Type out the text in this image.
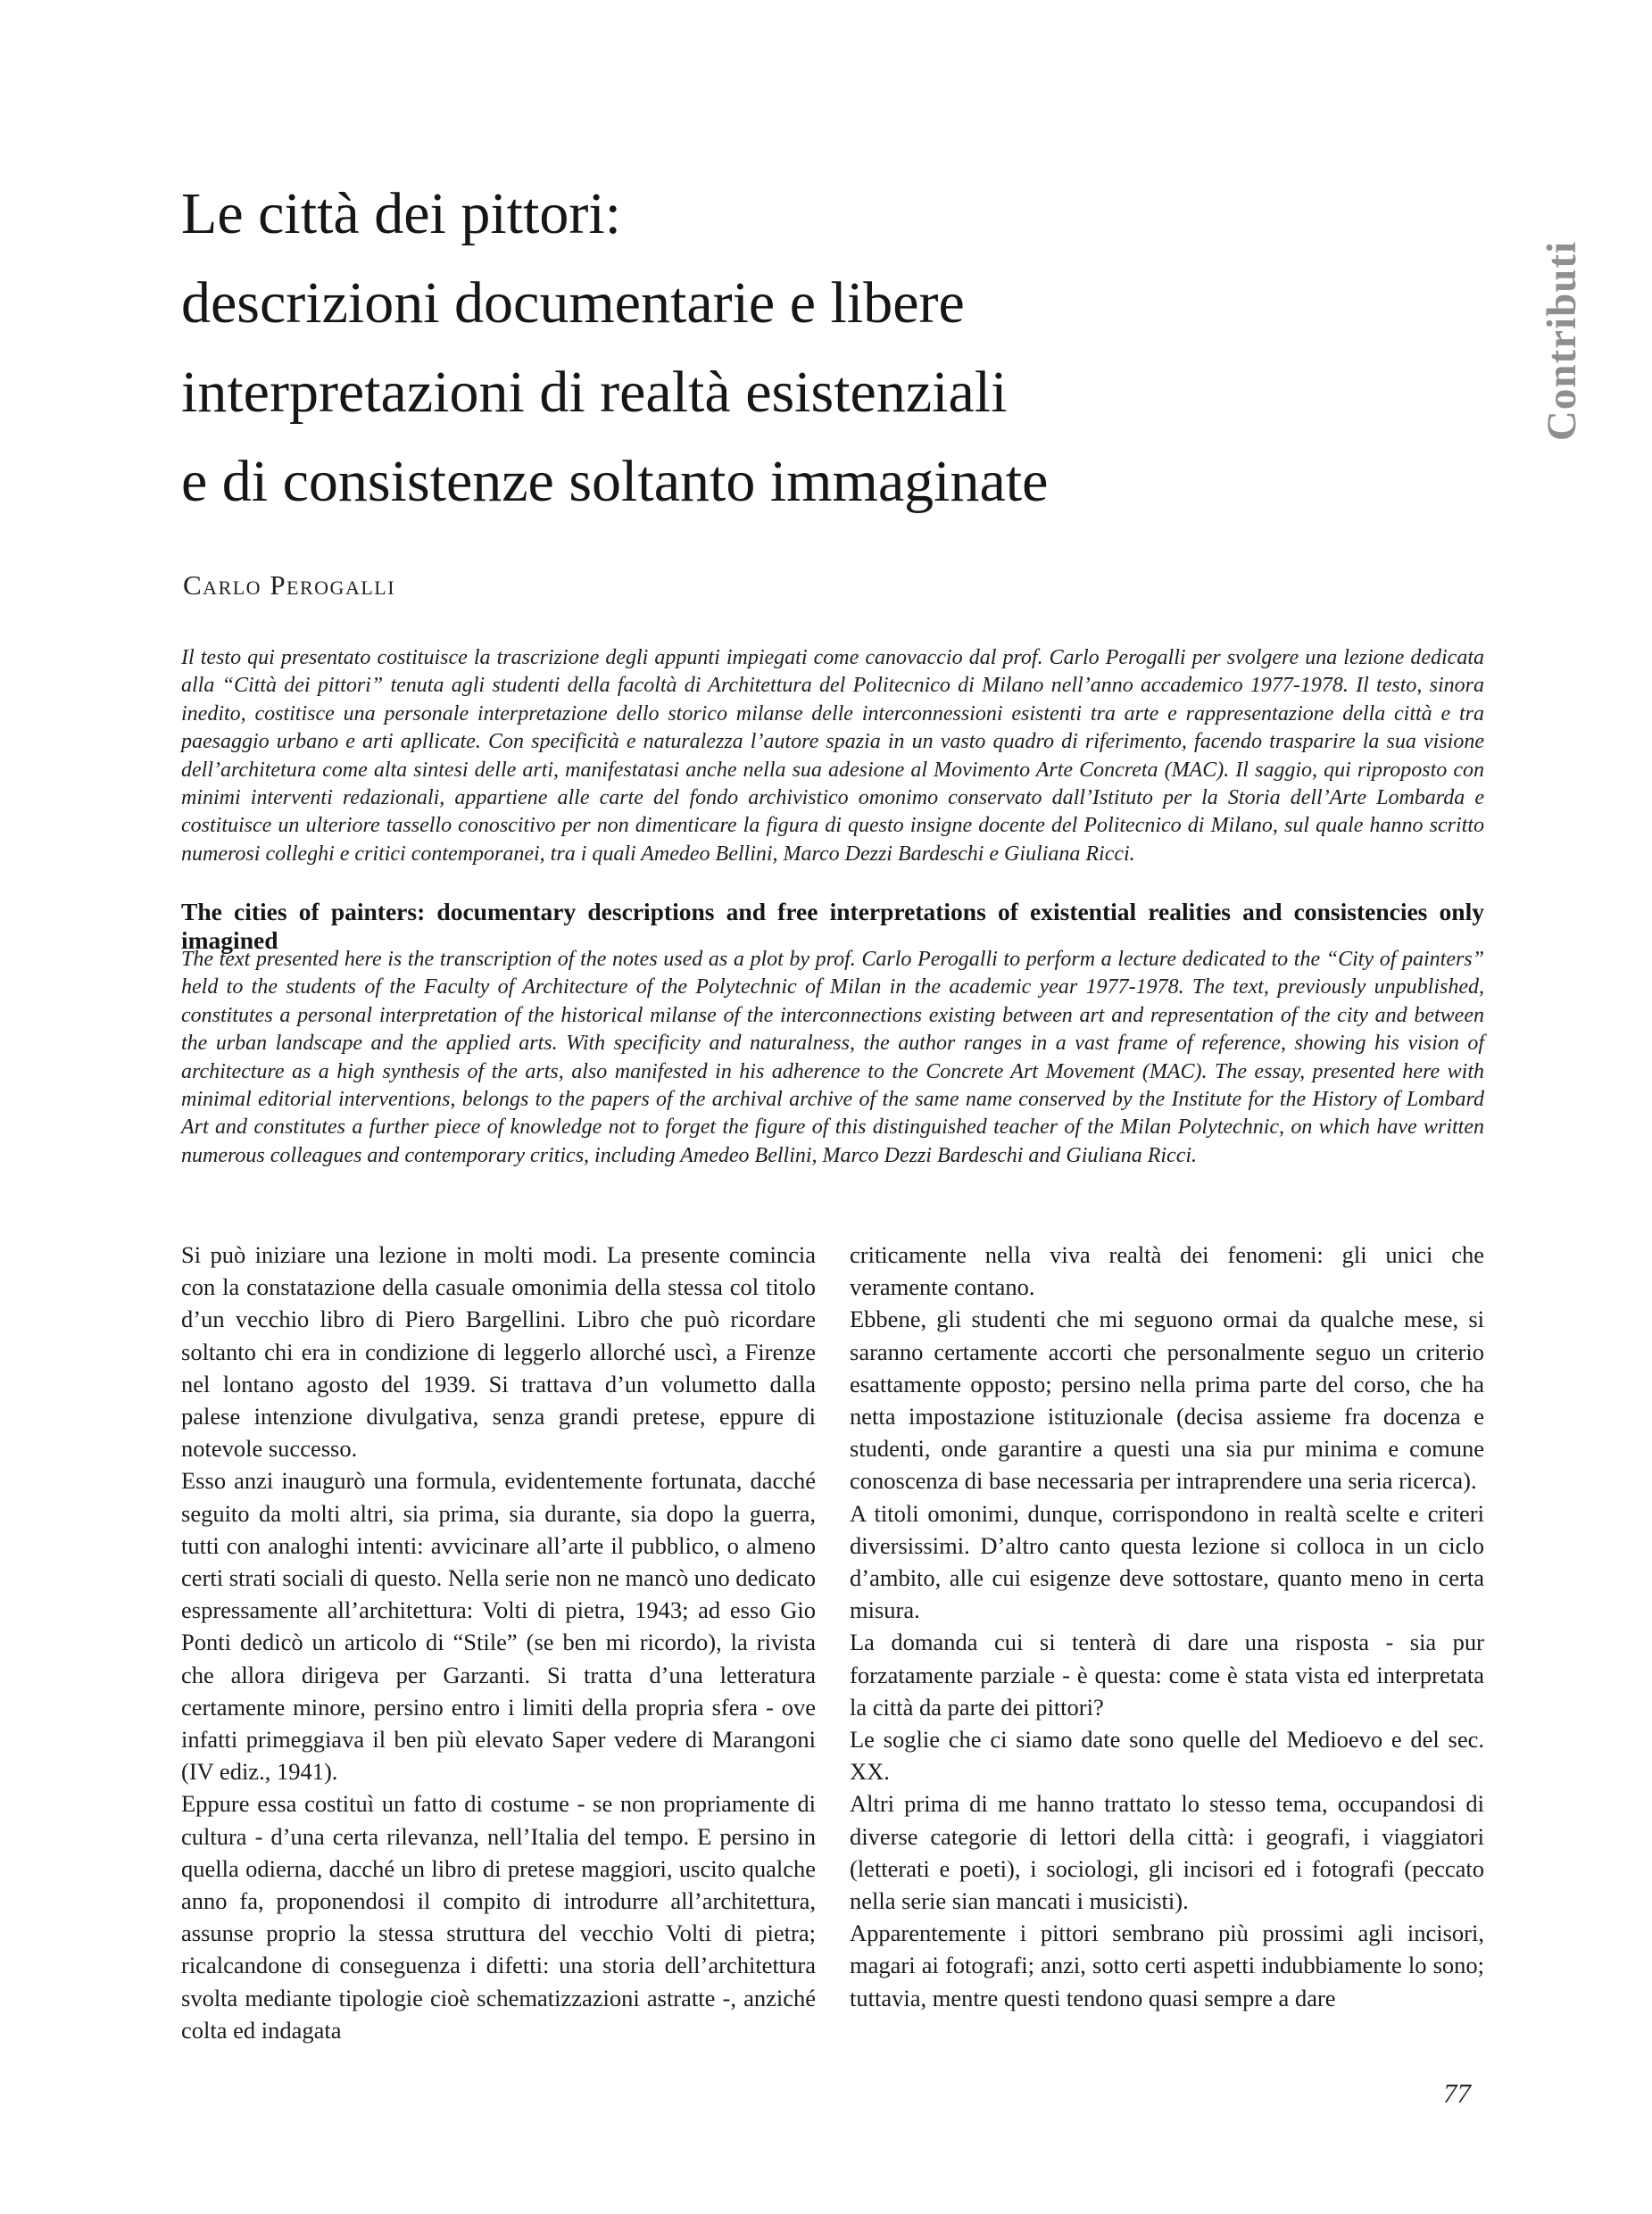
Contributi
Le città dei pittori:
descrizioni documentarie e libere
interpretazioni di realtà esistenziali
e di consistenze soltanto immaginate
Carlo Perogalli
Il testo qui presentato costituisce la trascrizione degli appunti impiegati come canovaccio dal prof. Carlo Perogalli per svolgere una lezione dedicata alla “Città dei pittori” tenuta agli studenti della facoltà di Architettura del Politecnico di Milano nell’anno accademico 1977-1978. Il testo, sinora inedito, costitisce una personale interpretazione dello storico milanse delle interconnessioni esistenti tra arte e rappresentazione della città e tra paesaggio urbano e arti apllicate. Con specificità e naturalezza l’autore spazia in un vasto quadro di riferimento, facendo trasparire la sua visione dell’architetura come alta sintesi delle arti, manifestatasi anche nella sua adesione al Movimento Arte Concreta (MAC). Il saggio, qui riproposto con minimi interventi redazionali, appartiene alle carte del fondo archivistico omonimo conservato dall’Istituto per la Storia dell’Arte Lombarda e costituisce un ulteriore tassello conoscitivo per non dimenticare la figura di questo insigne docente del Politecnico di Milano, sul quale hanno scritto numerosi colleghi e critici contemporanei, tra i quali Amedeo Bellini, Marco Dezzi Bardeschi e Giuliana Ricci.
The cities of painters: documentary descriptions and free interpretations of existential realities and consistencies only imagined
The text presented here is the transcription of the notes used as a plot by prof. Carlo Perogalli to perform a lecture dedicated to the “City of painters” held to the students of the Faculty of Architecture of the Polytechnic of Milan in the academic year 1977-1978. The text, previously unpublished, constitutes a personal interpretation of the historical milanse of the interconnections existing between art and representation of the city and between the urban landscape and the applied arts. With specificity and naturalness, the author ranges in a vast frame of reference, showing his vision of architecture as a high synthesis of the arts, also manifested in his adherence to the Concrete Art Movement (MAC). The essay, presented here with minimal editorial interventions, belongs to the papers of the archival archive of the same name conserved by the Institute for the History of Lombard Art and constitutes a further piece of knowledge not to forget the figure of this distinguished teacher of the Milan Polytechnic, on which have written numerous colleagues and contemporary critics, including Amedeo Bellini, Marco Dezzi Bardeschi and Giuliana Ricci.

Si può iniziare una lezione in molti modi. La presente comincia con la constatazione della casuale omonimia della stessa col titolo d’un vecchio libro di Piero Bargellini. Libro che può ricordare soltanto chi era in condizione di leggerlo allorché uscì, a Firenze nel lontano agosto del 1939. Si trattava d’un volumetto dalla palese intenzione divulgativa, senza grandi pretese, eppure di notevole successo.

Esso anzi inaugurò una formula, evidentemente fortunata, dacché seguito da molti altri, sia prima, sia durante, sia dopo la guerra, tutti con analoghi intenti: avvicinare all’arte il pubblico, o almeno certi strati sociali di questo. Nella serie non ne mancò uno dedicato espressamente all’architettura: Volti di pietra, 1943; ad esso Gio Ponti dedicò un articolo di “Stile” (se ben mi ricordo), la rivista che allora dirigeva per Garzanti. Si tratta d’una letteratura certamente minore, persino entro i limiti della propria sfera - ove infatti primeggiava il ben più elevato Saper vedere di Marangoni (IV ediz., 1941).

Eppure essa costituì un fatto di costume - se non propriamente di cultura - d’una certa rilevanza, nell’Italia del tempo. E persino in quella odierna, dacché un libro di pretese maggiori, uscito qualche anno fa, proponendosi il compito di introdurre all’architettura, assunse proprio la stessa struttura del vecchio Volti di pietra; ricalcandone di conseguenza i difetti: una storia dell’architettura svolta mediante tipologie cioè schematizzazioni astratte -, anziché colta ed indagata

criticamente nella viva realtà dei fenomeni: gli unici che veramente contano.

Ebbene, gli studenti che mi seguono ormai da qualche mese, si saranno certamente accorti che personalmente seguo un criterio esattamente opposto; persino nella prima parte del corso, che ha netta impostazione istituzionale (decisa assieme fra docenza e studenti, onde garantire a questi una sia pur minima e comune conoscenza di base necessaria per intraprendere una seria ricerca).

A titoli omonimi, dunque, corrispondono in realtà scelte e criteri diversissimi. D’altro canto questa lezione si colloca in un ciclo d’ambito, alle cui esigenze deve sottostare, quanto meno in certa misura.

La domanda cui si tenterà di dare una risposta - sia pur forzatamente parziale - è questa: come è stata vista ed interpretata la città da parte dei pittori?

Le soglie che ci siamo date sono quelle del Medioevo e del sec. XX.

Altri prima di me hanno trattato lo stesso tema, occupandosi di diverse categorie di lettori della città: i geografi, i viaggiatori (letterati e poeti), i sociologi, gli incisori ed i fotografi (peccato nella serie sian mancati i musicisti).

Apparentemente i pittori sembrano più prossimi agli incisori, magari ai fotografi; anzi, sotto certi aspetti indubbiamente lo sono; tuttavia, mentre questi tendono quasi sempre a dare

77
